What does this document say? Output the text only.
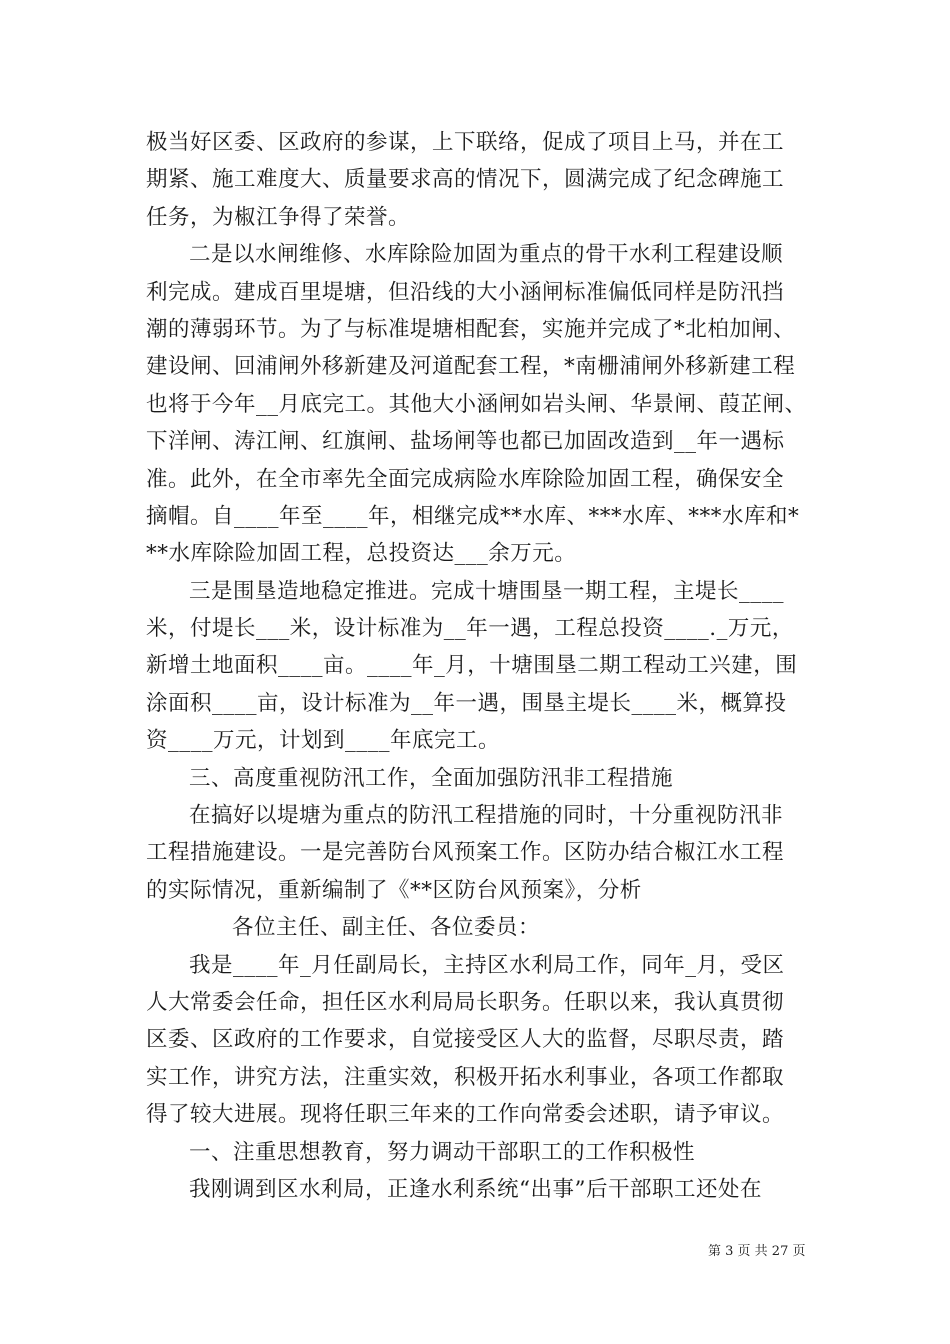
极当好区委、区政府的参谋，上下联络，促成了项目上马，并在工
期紧、施工难度大、质量要求高的情况下，圆满完成了纪念碑施工
任务，为椒江争得了荣誉。
二是以水闸维修、水库除险加固为重点的骨干水利工程建设顺
利完成。建成百里堤塘，但沿线的大小涵闸标准偏低同样是防汛挡
潮的薄弱环节。为了与标准堤塘相配套，实施并完成了*北柏加闸、
建设闸、回浦闸外移新建及河道配套工程，*南栅浦闸外移新建工程
也将于今年__月底完工。其他大小涵闸如岩头闸、华景闸、葭芷闸、
下洋闸、涛江闸、红旗闸、盐场闸等也都已加固改造到__年一遇标
准。此外，在全市率先全面完成病险水库除险加固工程，确保安全
摘帽。自____年至____年，相继完成**水库、***水库、***水库和*
**水库除险加固工程，总投资达___余万元。
三是围垦造地稳定推进。完成十塘围垦一期工程，主堤长____
米，付堤长___米，设计标准为__年一遇，工程总投资____._万元，
新增土地面积____亩。____年_月，十塘围垦二期工程动工兴建，围
涂面积____亩，设计标准为__年一遇，围垦主堤长____米，概算投
资____万元，计划到____年底完工。
三、高度重视防汛工作，全面加强防汛非工程措施
在搞好以堤塘为重点的防汛工程措施的同时，十分重视防汛非
工程措施建设。一是完善防台风预案工作。区防办结合椒江水工程
的实际情况，重新编制了《**区防台风预案》，分析
各位主任、副主任、各位委员：
我是____年_月任副局长，主持区水利局工作，同年_月，受区
人大常委会任命，担任区水利局局长职务。任职以来，我认真贯彻
区委、区政府的工作要求，自觉接受区人大的监督，尽职尽责，踏
实工作，讲究方法，注重实效，积极开拓水利事业，各项工作都取
得了较大进展。现将任职三年来的工作向常委会述职，请予审议。
一、注重思想教育，努力调动干部职工的工作积极性
我刚调到区水利局，正逢水利系统“出事”后干部职工还处在
第 3 页 共 27 页
